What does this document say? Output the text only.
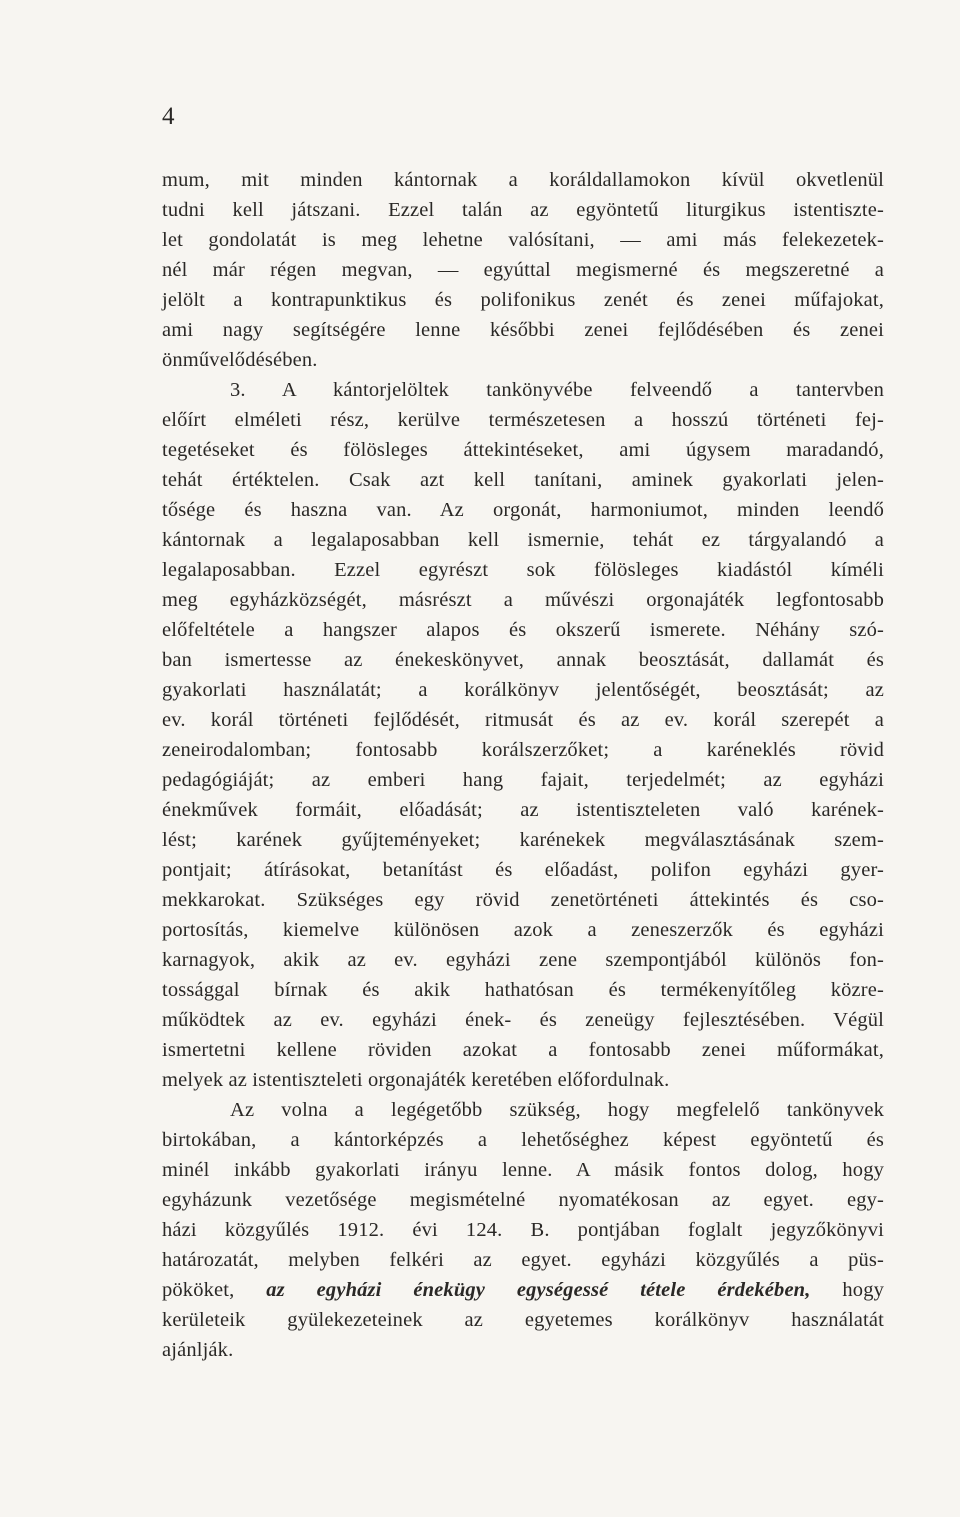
4
mum, mit minden kántornak a koráldallamokon kívül okvetlenül
tudni kell játszani. Ezzel talán az egyöntetű liturgikus istentiszte-
let gondolatát is meg lehetne valósítani, — ami más felekezetek-
nél már régen megvan, — egyúttal megismerné és megszeretné a
jelölt a kontrapunktikus és polifonikus zenét és zenei műfajokat,
ami nagy segítségére lenne későbbi zenei fejlődésében és zenei
önművelődésében.
3. A kántorjelöltek tankönyvébe felveendő a tantervben
előírt elméleti rész, kerülve természetesen a hosszú történeti fej-
tegetéseket és fölösleges áttekintéseket, ami úgysem maradandó,
tehát értéktelen. Csak azt kell tanítani, aminek gyakorlati jelen-
tősége és haszna van. Az orgonát, harmoniumot, minden leendő
kántornak a legalaposabban kell ismernie, tehát ez tárgyalandó a
legalaposabban. Ezzel egyrészt sok fölösleges kiadástól kíméli
meg egyházközségét, másrészt a művészi orgonajáték legfontosabb
előfeltétele a hangszer alapos és okszerű ismerete. Néhány szó-
ban ismertesse az énekeskönyvet, annak beosztását, dallamát és
gyakorlati használatát; a korálkönyv jelentőségét, beosztását; az
ev. korál történeti fejlődését, ritmusát és az ev. korál szerepét a
zeneirodalomban; fontosabb korálszerzőket; a karéneklés rövid
pedagógiáját; az emberi hang fajait, terjedelmét; az egyházi
énekművek formáit, előadását; az istentiszteleten való karének-
lést; karének gyűjteményeket; karénekek megválasztásának szem-
pontjait; átírásokat, betanítást és előadást, polifon egyházi gyer-
mekkarokat. Szükséges egy rövid zenetörténeti áttekintés és cso-
portosítás, kiemelve különösen azok a zeneszerzők és egyházi
karnagyok, akik az ev. egyházi zene szempontjából különös fon-
tossággal bírnak és akik hathatósan és termékenyítőleg közre-
működtek az ev. egyházi ének- és zeneügy fejlesztésében. Végül
ismertetni kellene röviden azokat a fontosabb zenei műformákat,
melyek az istentiszteleti orgonajáték keretében előfordulnak.
Az volna a legégetőbb szükség, hogy megfelelő tankönyvek
birtokában, a kántorképzés a lehetőséghez képest egyöntetű és
minél inkább gyakorlati irányu lenne. A másik fontos dolog, hogy
egyházunk vezetősége megismételné nyomatékosan az egyet. egy-
házi közgyűlés 1912. évi 124. B. pontjában foglalt jegyzőkönyvi
határozatát, melyben felkéri az egyet. egyházi közgyűlés a püs-
pököket, az egyházi énekügy egységessé tétele érdekében, hogy
kerületeik gyülekezeteinek az egyetemes korálkönyv használatát
ajánlják.
